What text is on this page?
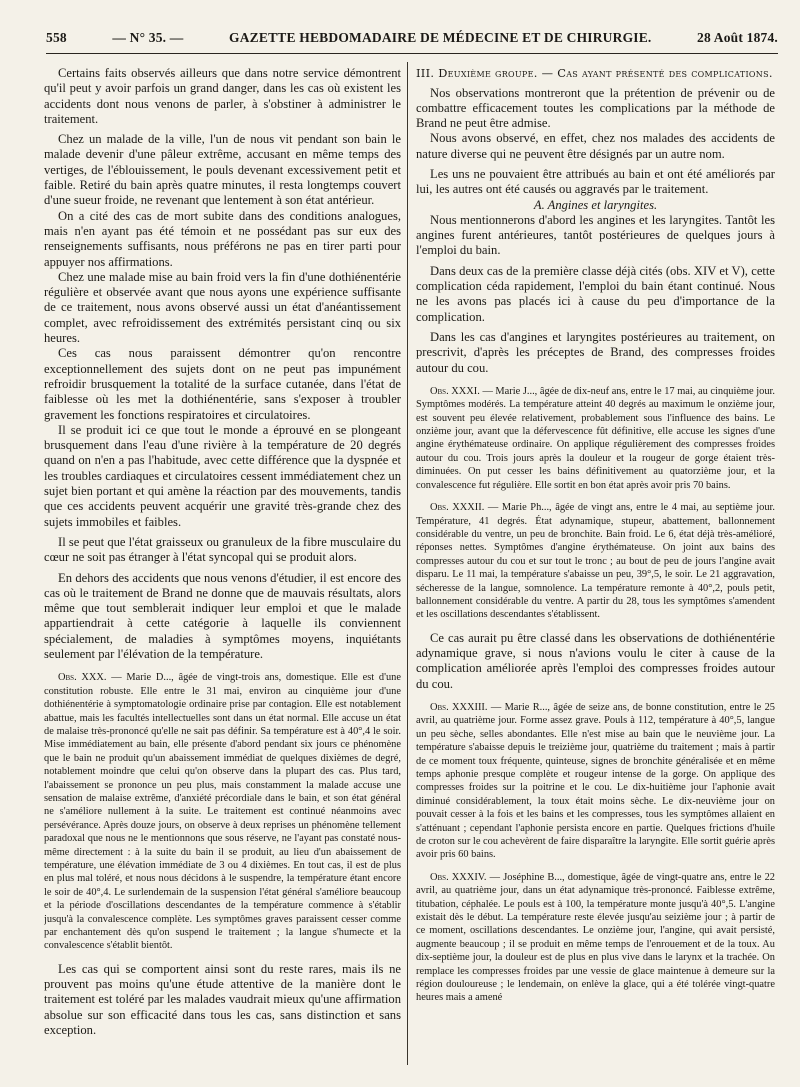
558	— N° 35. —	GAZETTE HEBDOMADAIRE DE MÉDECINE ET DE CHIRURGIE.	28 Août 1874.

Certains faits observés ailleurs que dans notre service démontrent qu'il peut y avoir parfois un grand danger, dans les cas où existent les accidents dont nous venons de parler, à s'obstiner à administrer le traitement.

Chez un malade de la ville, l'un de nous vit pendant son bain le malade devenir d'une pâleur extrême, accusant en même temps des vertiges, de l'éblouissement, le pouls devenant excessivement petit et faible. Retiré du bain après quatre minutes, il resta longtemps couvert d'une sueur froide, ne revenant que lentement à son état antérieur.

On a cité des cas de mort subite dans des conditions analogues, mais n'en ayant pas été témoin et ne possédant pas sur eux des renseignements suffisants, nous préférons ne pas en tirer parti pour appuyer nos affirmations.

Chez une malade mise au bain froid vers la fin d'une dothiénentérie régulière et observée avant que nous ayons une expérience suffisante de ce traitement, nous avons observé aussi un état d'anéantissement complet, avec refroidissement des extrémités persistant cinq ou six heures.

Ces cas nous paraissent démontrer qu'on rencontre exceptionnellement des sujets dont on ne peut pas impunément refroidir brusquement la totalité de la surface cutanée, dans l'état de faiblesse où les met la dothiénentérie, sans s'exposer à troubler gravement les fonctions respiratoires et circulatoires.

Il se produit ici ce que tout le monde a éprouvé en se plongeant brusquement dans l'eau d'une rivière à la température de 20 degrés quand on n'en a pas l'habitude, avec cette différence que la dyspnée et les troubles cardiaques et circulatoires cessent immédiatement chez un sujet bien portant et qui amène la réaction par des mouvements, tandis que ces accidents peuvent acquérir une gravité très-grande chez des sujets immobiles et faibles.

Il se peut que l'état graisseux ou granuleux de la fibre musculaire du cœur ne soit pas étranger à l'état syncopal qui se produit alors.

En dehors des accidents que nous venons d'étudier, il est encore des cas où le traitement de Brand ne donne que de mauvais résultats, alors même que tout semblerait indiquer leur emploi et que le malade appartiendrait à cette catégorie à laquelle ils conviennent spécialement, de maladies à symptômes moyens, inquiétants seulement par l'élévation de la température.

Obs. XXX. — Marie D..., âgée de vingt-trois ans, domestique. Elle est d'une constitution robuste. Elle entre le 31 mai, environ au cinquième jour d'une dothiénentérie à symptomatologie ordinaire prise par contagion. Elle est notablement abattue, mais les facultés intellectuelles sont dans un état normal. Elle accuse un état de malaise très-prononcé qu'elle ne sait pas définir. Sa température est à 40°,4 le soir. Mise immédiatement au bain, elle présente d'abord pendant six jours ce phénomène que le bain ne produit qu'un abaissement immédiat de quelques dixièmes de degré, notablement moindre que celui qu'on observe dans la plupart des cas. Plus tard, l'abaissement se prononce un peu plus, mais constamment la malade accuse une sensation de malaise extrême, d'anxiété précordiale dans le bain, et son état général ne s'améliore nullement à la suite. Le traitement est continué néanmoins avec persévérance. Après douze jours, on observe à deux reprises un phénomène tellement paradoxal que nous ne le mentionnons que sous réserve, ne l'ayant pas constaté nous-même directement : à la suite du bain il se produit, au lieu d'un abaissement de température, une élévation immédiate de 3 ou 4 dixièmes. En tout cas, il est de plus en plus mal toléré, et nous nous décidons à le suspendre, la température étant encore le soir de 40°,4. Le surlendemain de la suspension l'état général s'améliore beaucoup et la période d'oscillations descendantes de la température commence à s'établir jusqu'à la convalescence complète. Les symptômes graves paraissent cesser comme par enchantement dès qu'on suspend le traitement ; la langue s'humecte et la convalescence s'établit bientôt.

Les cas qui se comportent ainsi sont du reste rares, mais ils ne prouvent pas moins qu'une étude attentive de la manière dont le traitement est toléré par les malades vaudrait mieux qu'une affirmation absolue sur son efficacité dans tous les cas, sans distinction et sans exception.

III. Deuxième groupe. — Cas ayant présenté des complications.

Nos observations montreront que la prétention de prévenir ou de combattre efficacement toutes les complications par la méthode de Brand ne peut être admise.

Nous avons observé, en effet, chez nos malades des accidents de nature diverse qui ne peuvent être désignés par un autre nom.

Les uns ne pouvaient être attribués au bain et ont été améliorés par lui, les autres ont été causés ou aggravés par le traitement.

A. Angines et laryngites.

Nous mentionnerons d'abord les angines et les laryngites. Tantôt les angines furent antérieures, tantôt postérieures de quelques jours à l'emploi du bain.

Dans deux cas de la première classe déjà cités (obs. XIV et V), cette complication céda rapidement, l'emploi du bain étant continué. Nous ne les avons pas placés ici à cause du peu d'importance de la complication.

Dans les cas d'angines et laryngites postérieures au traitement, on prescrivit, d'après les préceptes de Brand, des compresses froides autour du cou.

Obs. XXXI. — Marie J..., âgée de dix-neuf ans, entre le 17 mai, au cinquième jour. Symptômes modérés. La température atteint 40 degrés au maximum le onzième jour, est souvent peu élevée relativement, probablement sous l'influence des bains. Le onzième jour, avant que la défervescence fût définitive, elle accuse les signes d'une angine érythémateuse ordinaire. On applique régulièrement des compresses froides autour du cou. Trois jours après la douleur et la rougeur de gorge étaient très-diminuées. On put cesser les bains définitivement au quatorzième jour, et la convalescence fut régulière. Elle sortit en bon état après avoir pris 70 bains.

Obs. XXXII. — Marie Ph..., âgée de vingt ans, entre le 4 mai, au septième jour. Température, 41 degrés. État adynamique, stupeur, abattement, ballonnement considérable du ventre, un peu de bronchite. Bain froid. Le 6, état déjà très-amélioré, réponses nettes. Symptômes d'angine érythémateuse. On joint aux bains des compresses autour du cou et sur tout le tronc ; au bout de peu de jours l'angine avait disparu. Le 11 mai, la température s'abaisse un peu, 39°,5, le soir. Le 21 aggravation, sécheresse de la langue, somnolence. La température remonte à 40°,2, pouls petit, ballonnement considérable du ventre. A partir du 28, tous les symptômes s'amendent et les oscillations descendantes s'établissent.

Ce cas aurait pu être classé dans les observations de dothiénentérie adynamique grave, si nous n'avions voulu le citer à cause de la complication améliorée après l'emploi des compresses froides autour du cou.

Obs. XXXIII. — Marie R..., âgée de seize ans, de bonne constitution, entre le 25 avril, au quatrième jour. Forme assez grave. Pouls à 112, température à 40°,5, langue un peu sèche, selles abondantes. Elle n'est mise au bain que le neuvième jour. La température s'abaisse depuis le treizième jour, quatrième du traitement ; mais à partir de ce moment toux fréquente, quinteuse, signes de bronchite généralisée et en même temps aphonie presque complète et rougeur intense de la gorge. On applique des compresses froides sur la poitrine et le cou. Le dix-huitième jour l'aphonie avait diminué considérablement, la toux était moins sèche. Le dix-neuvième jour on pouvait cesser à la fois et les bains et les compresses, tous les symptômes allaient en s'atténuant ; cependant l'aphonie persista encore en partie. Quelques frictions d'huile de croton sur le cou achevèrent de faire disparaître la laryngite. Elle sortit guérie après avoir pris 60 bains.

Obs. XXXIV. — Joséphine B..., domestique, âgée de vingt-quatre ans, entre le 22 avril, au quatrième jour, dans un état adynamique très-prononcé. Faiblesse extrême, titubation, céphalée. Le pouls est à 100, la température monte jusqu'à 40°,5. L'angine existait dès le début. La température reste élevée jusqu'au seizième jour ; à partir de ce moment, oscillations descendantes. Le onzième jour, l'angine, qui avait persisté, augmente beaucoup ; il se produit en même temps de l'enrouement et de la toux. Au dix-septième jour, la douleur est de plus en plus vive dans le larynx et la trachée. On remplace les compresses froides par une vessie de glace maintenue à demeure sur la région douloureuse ; le lendemain, on enlève la glace, qui a été tolérée vingt-quatre heures mais a amené
